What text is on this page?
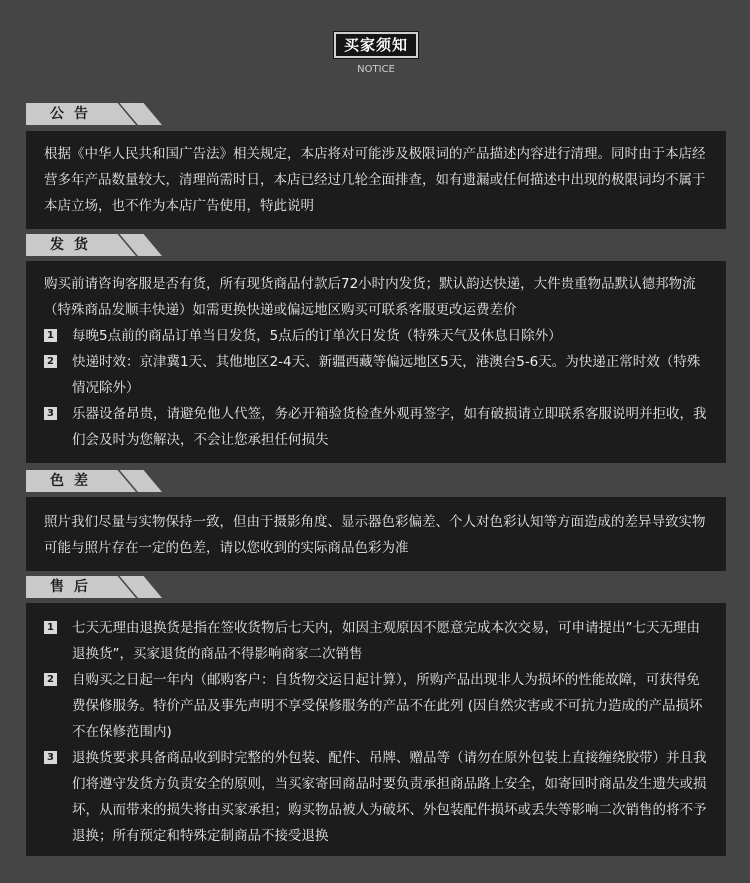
买家须知
NOTICE
公告

根据《中华人民共和国广告法》相关规定，本店将对可能涉及极限词的产品描述内容进行清理。同时由于本店经营多年产品数量较大，清理尚需时日，本店已经过几轮全面排查，如有遗漏或任何描述中出现的极限词均不属于本店立场，也不作为本店广告使用，特此说明

发货

购买前请咨询客服是否有货，所有现货商品付款后72小时内发货；默认韵达快递，大件贵重物品默认德邦物流（特殊商品发顺丰快递）如需更换快递或偏远地区购买可联系客服更改运费差价

1 每晚5点前的商品订单当日发货，5点后的订单次日发货（特殊天气及休息日除外）
2 快递时效：京津冀1天、其他地区2-4天、新疆西藏等偏远地区5天，港澳台5-6天。为快递正常时效（特殊情况除外）
3 乐器设备昂贵，请避免他人代签，务必开箱验货检查外观再签字，如有破损请立即联系客服说明并拒收，我们会及时为您解决，不会让您承担任何损失
色差

照片我们尽量与实物保持一致，但由于摄影角度、显示器色彩偏差、个人对色彩认知等方面造成的差异导致实物可能与照片存在一定的色差，请以您收到的实际商品色彩为准

售后
1 七天无理由退换货是指在签收货物后七天内，如因主观原因不愿意完成本次交易，可申请提出”七天无理由退换货”，买家退货的商品不得影响商家二次销售
2 自购买之日起一年内（邮购客户：自货物交运日起计算），所购产品出现非人为损坏的性能故障，可获得免费保修服务。特价产品及事先声明不享受保修服务的产品不在此列 (因自然灾害或不可抗力造成的产品损坏不在保修范围内)
3 退换货要求具备商品收到时完整的外包装、配件、吊牌、赠品等（请勿在原外包装上直接缠绕胶带）并且我们将遵守发货方负责安全的原则，当买家寄回商品时要负责承担商品路上安全，如寄回时商品发生遗失或损坏，从而带来的损失将由买家承担；购买物品被人为破坏、外包装配件损坏或丢失等影响二次销售的将不予退换；所有预定和特殊定制商品不接受退换
